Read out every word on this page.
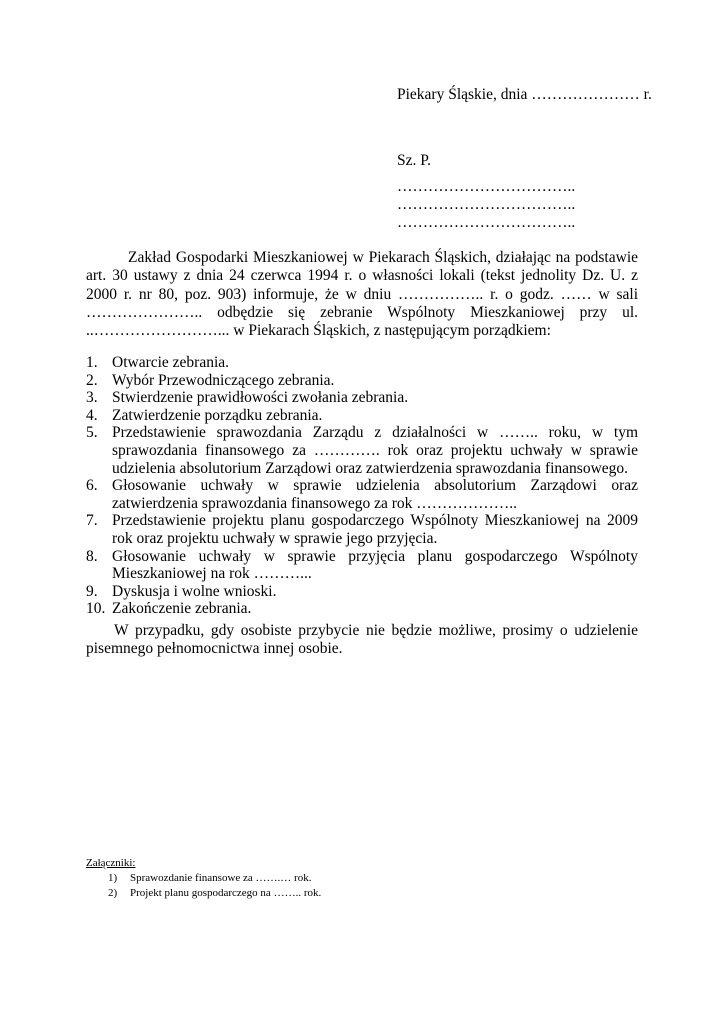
Piekary Śląskie, dnia ………………… r.
Sz. P.
……………………………..
……………………………..
……………………………..

Zakład Gospodarki Mieszkaniowej w Piekarach Śląskich, działając na podstawie art. 30 ustawy z dnia 24 czerwca 1994 r. o własności lokali (tekst jednolity Dz. U. z 2000 r. nr 80, poz. 903) informuje, że w dniu …………….. r. o godz. …… w sali ………………….. odbędzie się zebranie Wspólnoty Mieszkaniowej przy ul. ..……………………... w Piekarach Śląskich, z następującym porządkiem:

1. Otwarcie zebrania.
2. Wybór Przewodniczącego zebrania.
3. Stwierdzenie prawidłowości zwołania zebrania.
4. Zatwierdzenie porządku zebrania.
5. Przedstawienie sprawozdania Zarządu z działalności w …….. roku, w tym sprawozdania finansowego za …………. rok oraz projektu uchwały w sprawie udzielenia absolutorium Zarządowi oraz zatwierdzenia sprawozdania finansowego.
6. Głosowanie uchwały w sprawie udzielenia absolutorium Zarządowi oraz zatwierdzenia sprawozdania finansowego za rok ………………..
7. Przedstawienie projektu planu gospodarczego Wspólnoty Mieszkaniowej na 2009 rok oraz projektu uchwały w sprawie jego przyjęcia.
8. Głosowanie uchwały w sprawie przyjęcia planu gospodarczego Wspólnoty Mieszkaniowej na rok ………...
9. Dyskusja i wolne wnioski.
10. Zakończenie zebrania.

W przypadku, gdy osobiste przybycie nie będzie możliwe, prosimy o udzielenie pisemnego pełnomocnictwa innej osobie.

Załączniki:
1) Sprawozdanie finansowe za …….… rok.
2) Projekt planu gospodarczego na …….. rok.
